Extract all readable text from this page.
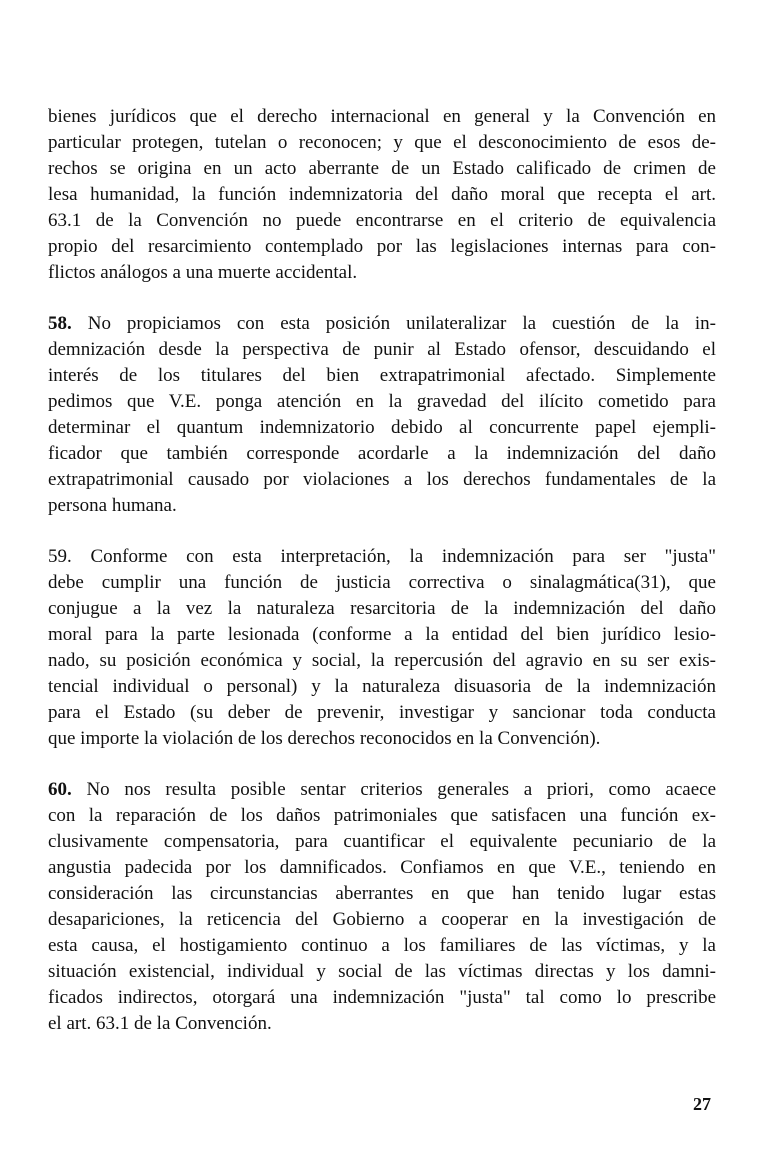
bienes jurídicos que el derecho internacional en general y la Convención en
particular protegen, tutelan o reconocen; y que el desconocimiento de esos de-
rechos se origina en un acto aberrante de un Estado calificado de crimen de
lesa humanidad, la función indemnizatoria del daño moral que recepta el art.
63.1 de la Convención no puede encontrarse en el criterio de equivalencia
propio del resarcimiento contemplado por las legislaciones internas para con-
flictos análogos a una muerte accidental.
58. No propiciamos con esta posición unilateralizar la cuestión de la in-
demnización desde la perspectiva de punir al Estado ofensor, descuidando el
interés de los titulares del bien extrapatrimonial afectado. Simplemente
pedimos que V.E. ponga atención en la gravedad del ilícito cometido para
determinar el quantum indemnizatorio debido al concurrente papel ejempli-
ficador que también corresponde acordarle a la indemnización del daño
extrapatrimonial causado por violaciones a los derechos fundamentales de la
persona humana.
59. Conforme con esta interpretación, la indemnización para ser "justa"
debe cumplir una función de justicia correctiva o sinalagmática(31), que
conjugue a la vez la naturaleza resarcitoria de la indemnización del daño
moral para la parte lesionada (conforme a la entidad del bien jurídico lesio-
nado, su posición económica y social, la repercusión del agravio en su ser exis-
tencial individual o personal) y la naturaleza disuasoria de la indemnización
para el Estado (su deber de prevenir, investigar y sancionar toda conducta
que importe la violación de los derechos reconocidos en la Convención).
60. No nos resulta posible sentar criterios generales a priori, como acaece
con la reparación de los daños patrimoniales que satisfacen una función ex-
clusivamente compensatoria, para cuantificar el equivalente pecuniario de la
angustia padecida por los damnificados. Confiamos en que V.E., teniendo en
consideración las circunstancias aberrantes en que han tenido lugar estas
desapariciones, la reticencia del Gobierno a cooperar en la investigación de
esta causa, el hostigamiento continuo a los familiares de las víctimas, y la
situación existencial, individual y social de las víctimas directas y los damni-
ficados indirectos, otorgará una indemnización "justa" tal como lo prescribe
el art. 63.1 de la Convención.
27
